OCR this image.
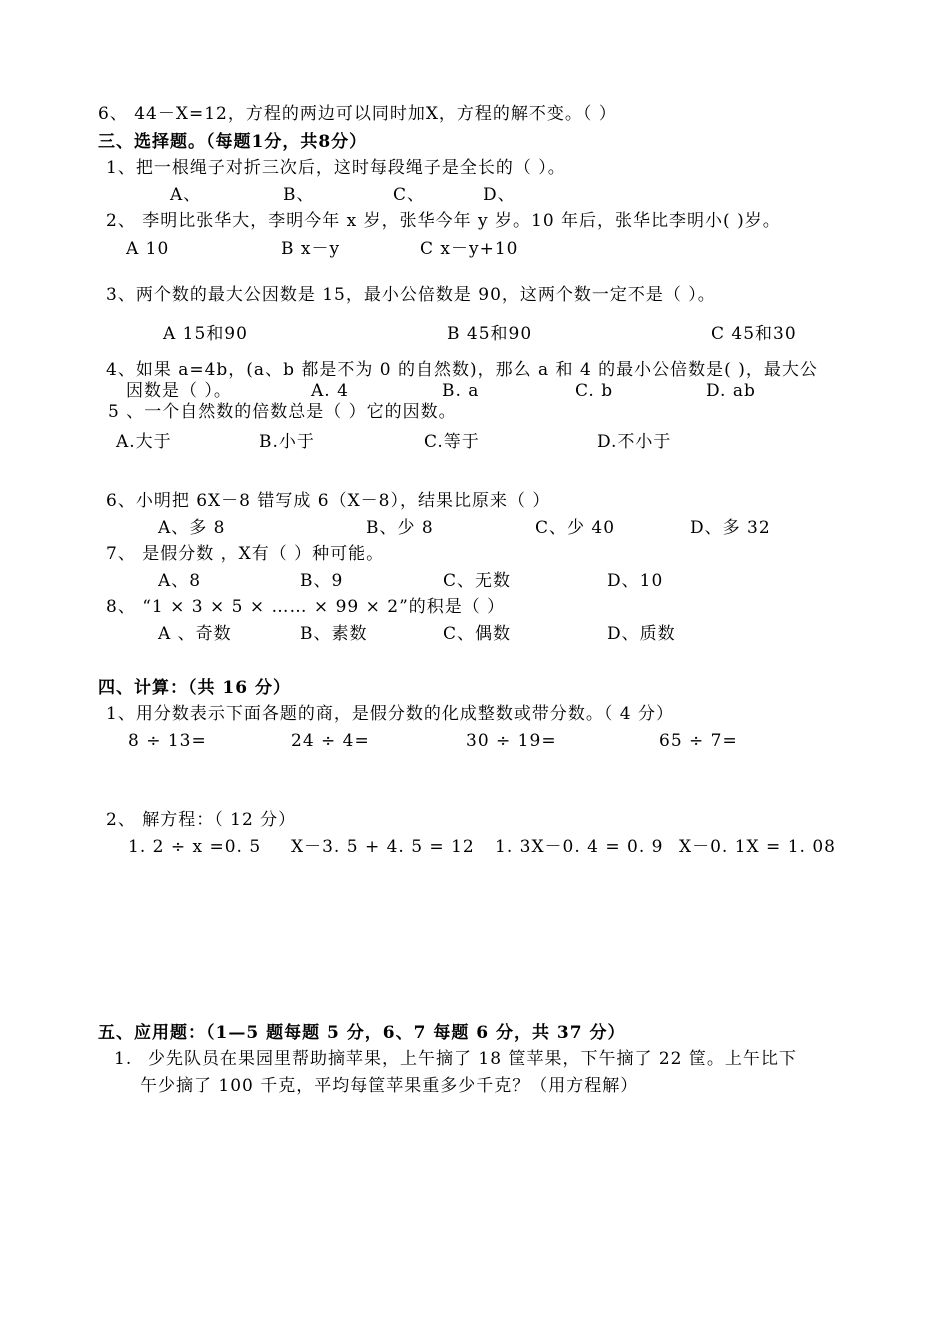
6、 44－X=12，方程的两边可以同时加X，方程的解不变。（ ）
三、选择题。（每题1分，共8分）
1、把一根绳子对折三次后，这时每段绳子是全长的（ ）。
A、	B、	C、	D、
2、 李明比张华大，李明今年 x 岁，张华今年 y 岁。10 年后，张华比李明小( )岁。
A 10	B x－y	C x－y+10
3、两个数的最大公因数是 15，最小公倍数是 90，这两个数一定不是（ ）。
A 15和90	B 45和90	C 45和30
4、如果 a=4b，(a、b 都是不为 0 的自然数)，那么 a 和 4 的最小公倍数是( )，最大公
因数是（ ）。	A. 4	B. a	C. b	D. ab
5 、一个自然数的倍数总是（ ）它的因数。
A.大于	B.小于	C.等于	D.不小于
6、小明把 6X－8 错写成 6（X－8），结果比原来（ ）
A、多 8	B、少 8	C、少 40	D、多 32
7、 是假分数 ，X有（ ）种可能。
A、8	B、9	C、无数	D、10
8、 “1 × 3 × 5 × …… × 99 × 2”的积是（ ）
A 、奇数	B、素数	C、偶数	D、质数
四、计算：（共 16 分）
1、用分数表示下面各题的商，是假分数的化成整数或带分数。（ 4 分）
8 ÷ 13=	24 ÷ 4=	30 ÷ 19=	65 ÷ 7=
2、 解方程：（ 12 分）
1. 2 ÷ x =0. 5 X－3. 5 + 4. 5 = 12 1. 3X－0. 4 = 0. 9 X－0. 1X = 1. 08
五、应用题：（1—5 题每题 5 分，6、7 每题 6 分，共 37 分）
1. 少先队员在果园里帮助摘苹果，上午摘了 18 筐苹果，下午摘了 22 筐。上午比下
午少摘了 100 千克，平均每筐苹果重多少千克？（用方程解）
